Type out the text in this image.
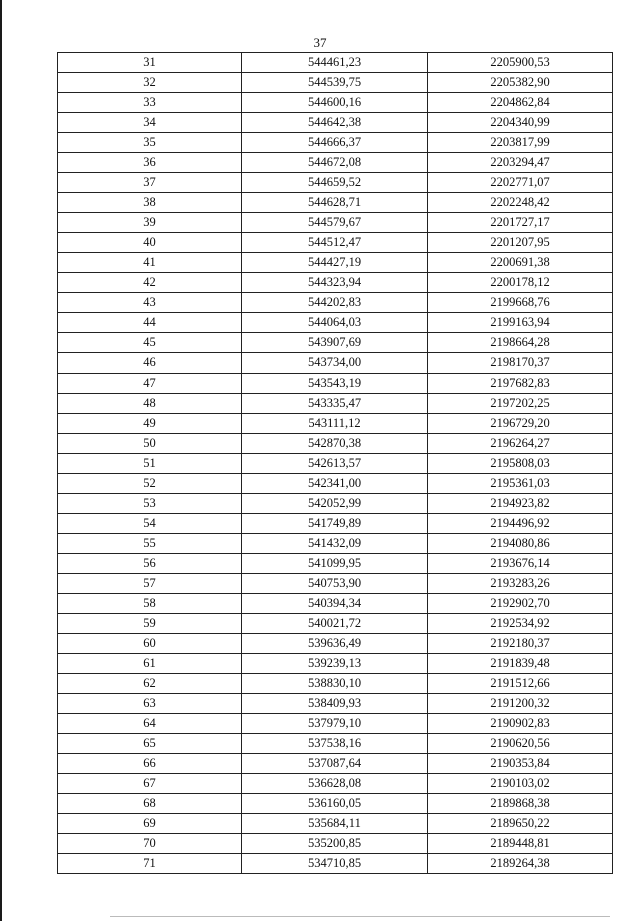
37
31	544461,23	2205900,53
32	544539,75	2205382,90
33	544600,16	2204862,84
34	544642,38	2204340,99
35	544666,37	2203817,99
36	544672,08	2203294,47
37	544659,52	2202771,07
38	544628,71	2202248,42
39	544579,67	2201727,17
40	544512,47	2201207,95
41	544427,19	2200691,38
42	544323,94	2200178,12
43	544202,83	2199668,76
44	544064,03	2199163,94
45	543907,69	2198664,28
46	543734,00	2198170,37
47	543543,19	2197682,83
48	543335,47	2197202,25
49	543111,12	2196729,20
50	542870,38	2196264,27
51	542613,57	2195808,03
52	542341,00	2195361,03
53	542052,99	2194923,82
54	541749,89	2194496,92
55	541432,09	2194080,86
56	541099,95	2193676,14
57	540753,90	2193283,26
58	540394,34	2192902,70
59	540021,72	2192534,92
60	539636,49	2192180,37
61	539239,13	2191839,48
62	538830,10	2191512,66
63	538409,93	2191200,32
64	537979,10	2190902,83
65	537538,16	2190620,56
66	537087,64	2190353,84
67	536628,08	2190103,02
68	536160,05	2189868,38
69	535684,11	2189650,22
70	535200,85	2189448,81
71	534710,85	2189264,38
